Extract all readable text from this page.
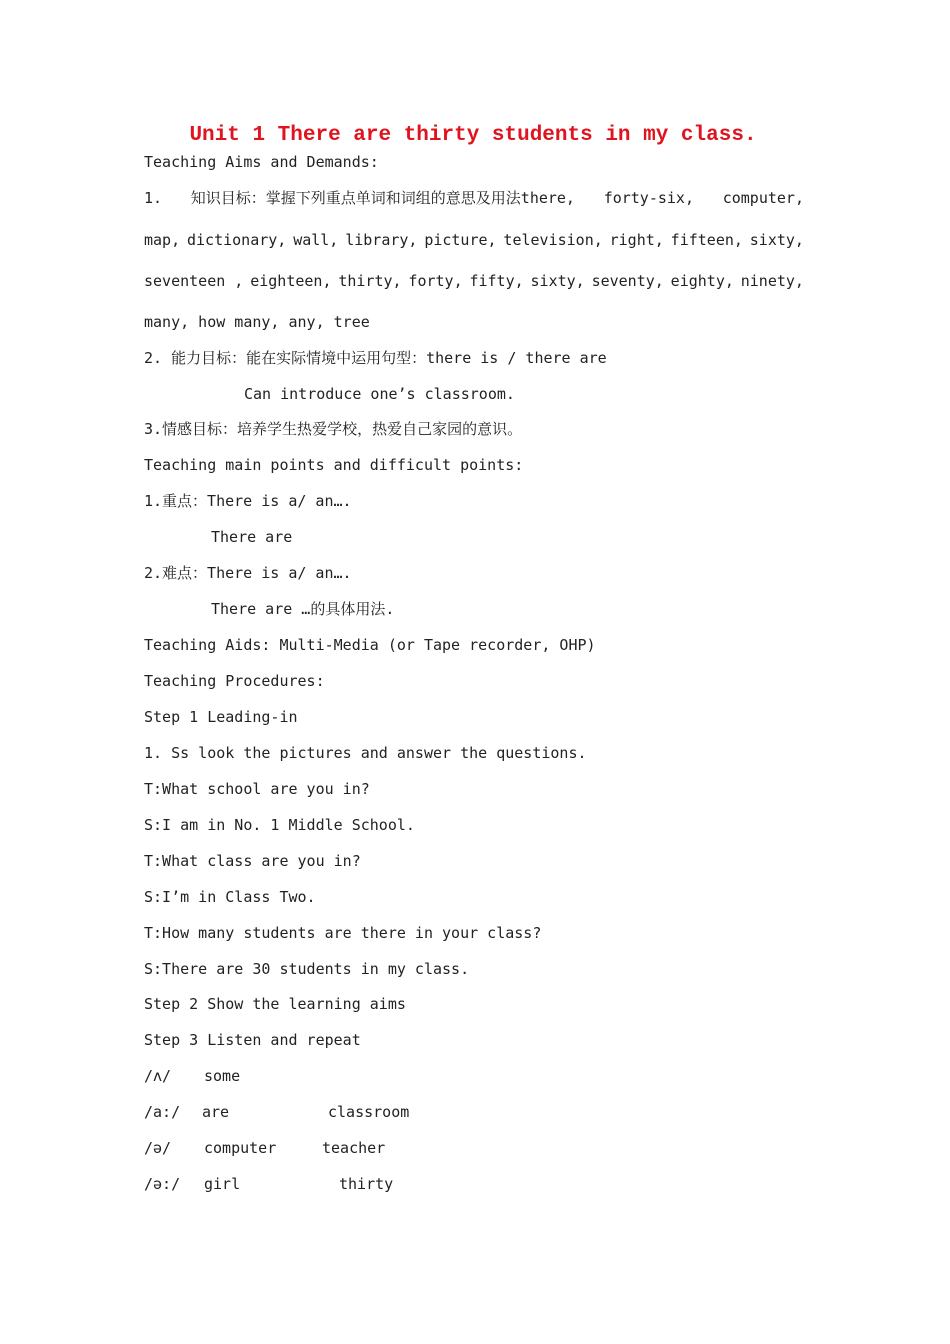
Unit 1 There are thirty students in my class.
Teaching Aims and Demands:
1. 知识目标：掌握下列重点单词和词组的意思及用法there, forty-six, computer,
map, dictionary, wall, library, picture, television, right, fifteen, sixty,
seventeen , eighteen, thirty, forty, fifty, sixty, seventy, eighty, ninety,
many, how many, any, tree
2. 能力目标：能在实际情境中运用句型：there is / there are
Can introduce one’s classroom.
3.情感目标：培养学生热爱学校，热爱自己家园的意识。
Teaching main points and difficult points:
1.重点：There is a/ an….
There are
2.难点：There is a/ an….
There are …的具体用法.
Teaching Aids: Multi-Media (or Tape recorder, OHP)
Teaching Procedures:
Step 1 Leading-in
1. Ss look the pictures and answer the questions.
T:What school are you in?
S:I am in No. 1 Middle School.
T:What class are you in?
S:I’m in Class Two.
T:How many students are there in your class?
S:There are 30 students in my class.
Step 2 Show the learning aims
Step 3 Listen and repeat
/ʌ/ some
/a:/ are	classroom
/ə/ computer	teacher
/ə:/ girl	thirty
